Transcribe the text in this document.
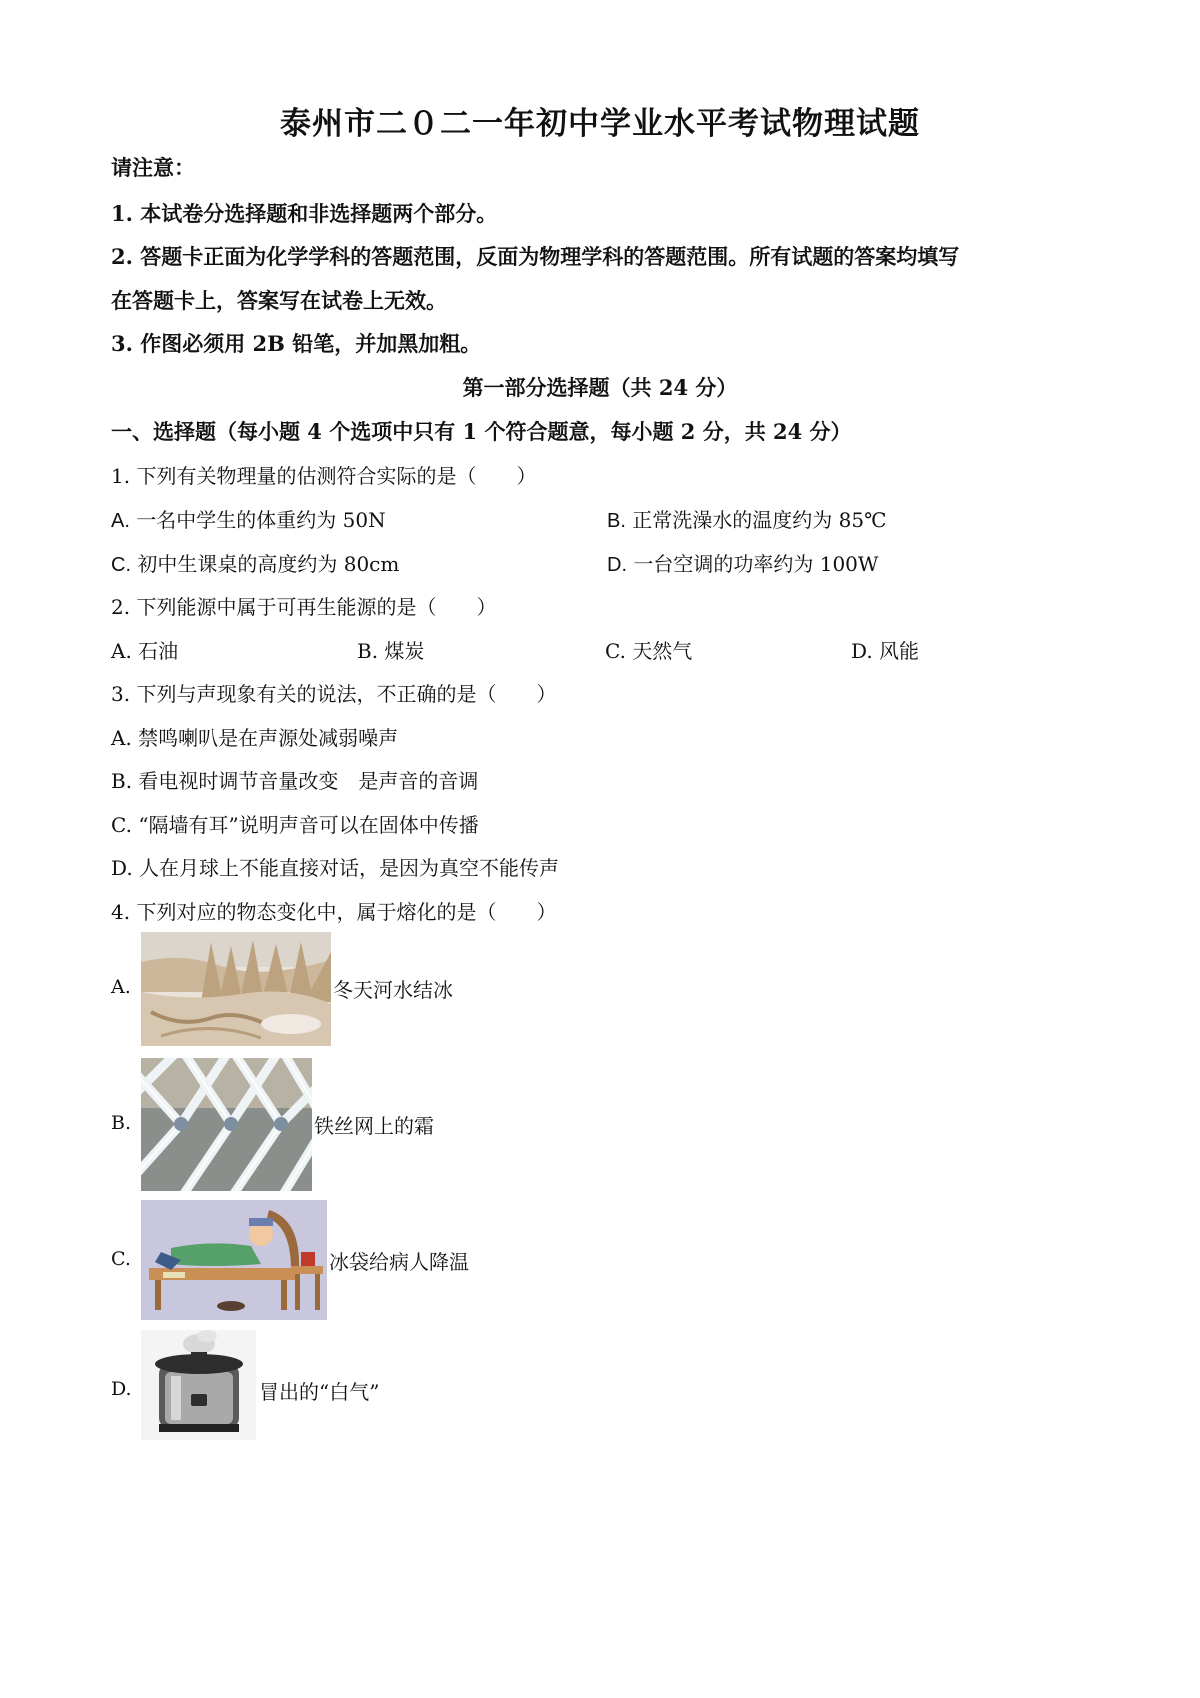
泰州市二０二一年初中学业水平考试物理试题
请注意：
1. 本试卷分选择题和非选择题两个部分。
2. 答题卡正面为化学学科的答题范围，反面为物理学科的答题范围。所有试题的答案均填写
在答题卡上，答案写在试卷上无效。
3. 作图必须用 2B 铅笔，并加黑加粗。
第一部分选择题（共 24 分）
一、选择题（每小题 4 个选项中只有 1 个符合题意，每小题 2 分，共 24 分）
1. 下列有关物理量的估测符合实际的是（　　）
A. 一名中学生的体重约为 50N	B. 正常洗澡水的温度约为 85℃
C. 初中生课桌的高度约为 80cm	D. 一台空调的功率约为 100W
2. 下列能源中属于可再生能源的是（　　）
A. 石油	B. 煤炭	C. 天然气	D. 风能
3. 下列与声现象有关的说法，不正确的是（　　）
A. 禁鸣喇叭是在声源处减弱噪声
B. 看电视时调节音量改变　是声音的音调
C. “隔墙有耳”说明声音可以在固体中传播
D. 人在月球上不能直接对话，是因为真空不能传声
4. 下列对应的物态变化中，属于熔化的是（　　）
A.	冬天河水结冰
B.	铁丝网上的霜
C.	冰袋给病人降温
D.	冒出的“白气”
